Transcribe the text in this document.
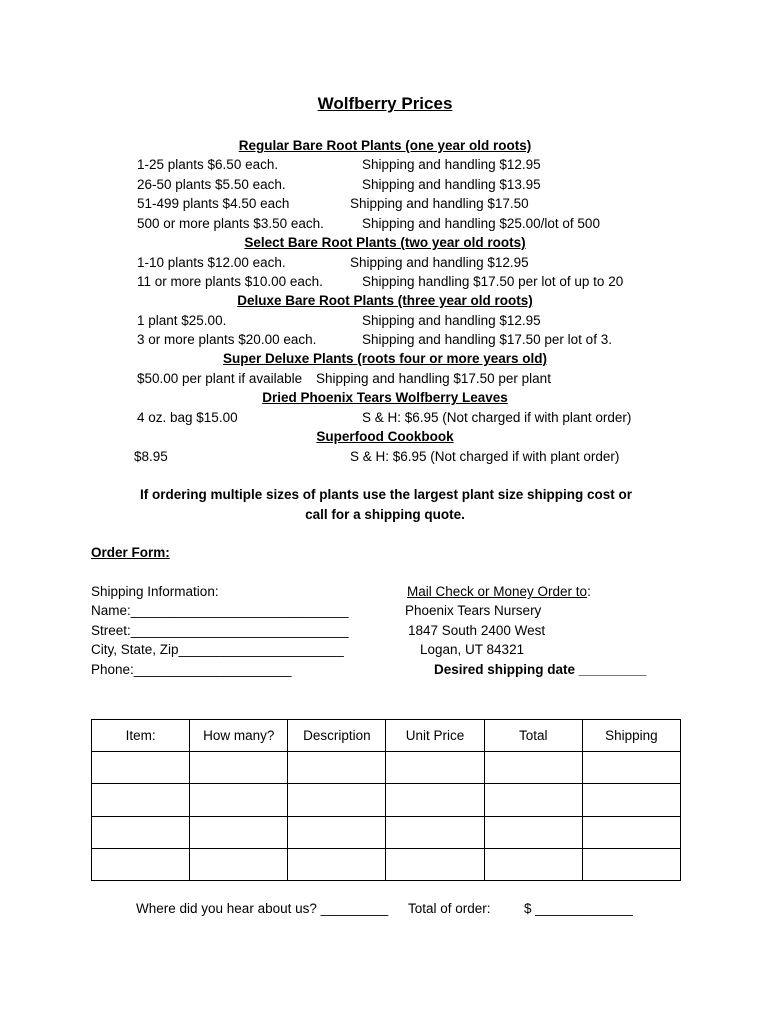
Wolfberry Prices
Regular Bare Root Plants (one year old roots)
1-25 plants $6.50 each.	Shipping and handling $12.95
26-50 plants $5.50 each.	Shipping and handling $13.95
51-499 plants $4.50 each	Shipping and handling $17.50
500 or more plants $3.50 each.	Shipping and handling $25.00/lot of 500
Select Bare Root Plants (two year old roots)
1-10 plants $12.00 each.	Shipping and handling $12.95
11 or more plants $10.00 each.	Shipping handling $17.50 per lot of up to 20
Deluxe Bare Root Plants (three year old roots)
1 plant $25.00.	Shipping and handling $12.95
3 or more plants $20.00 each.	Shipping and handling $17.50 per lot of 3.
Super Deluxe Plants (roots four or more years old)
$50.00 per plant if available Shipping and handling $17.50 per plant
Dried Phoenix Tears Wolfberry Leaves
4 oz. bag $15.00	S & H: $6.95 (Not charged if with plant order)
Superfood Cookbook
$8.95	S & H: $6.95 (Not charged if with plant order)
If ordering multiple sizes of plants use the largest plant size shipping cost or
call for a shipping quote.
Order Form:
Shipping Information:
Name:_____________________________
Street:_____________________________
City, State, Zip______________________
Phone:_____________________
Mail Check or Money Order to:
Phoenix Tears Nursery
1847 South 2400 West
Logan, UT 84321
Desired shipping date _________
Item:	How many?	Description	Unit Price	Total	Shipping

Where did you hear about us? _________ Total of order: $ _____________
